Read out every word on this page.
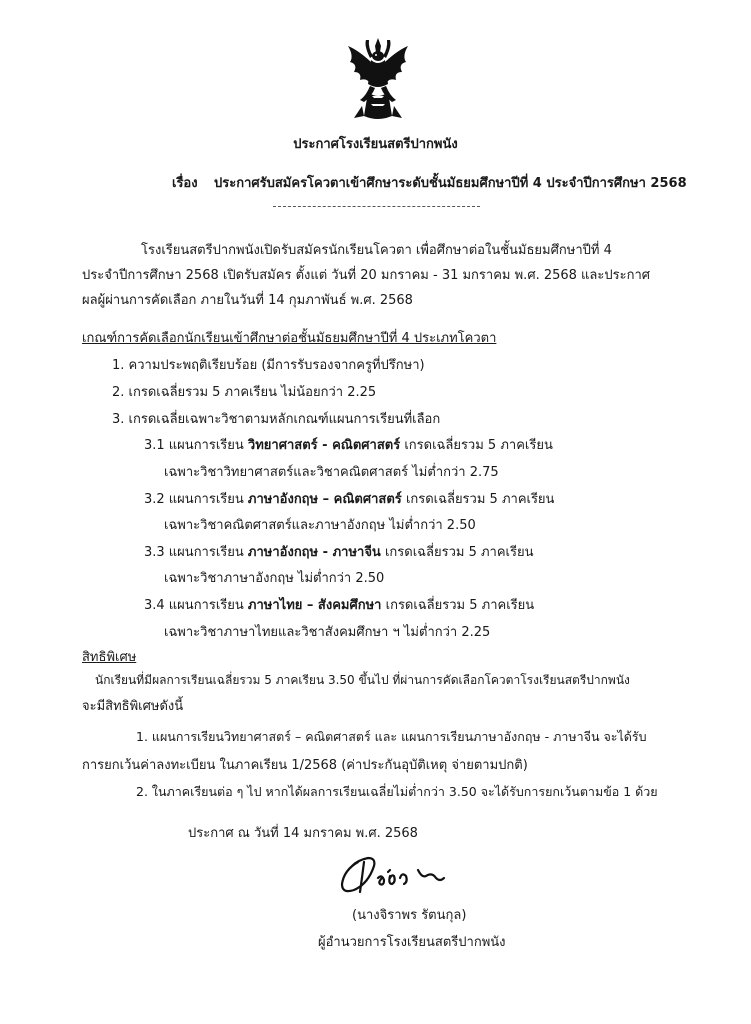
ประกาศโรงเรียนสตรีปากพนัง
เรื่อง ประกาศรับสมัครโควตาเข้าศึกษาระดับชั้นมัธยมศึกษาปีที่ 4 ประจำปีการศึกษา 2568
โรงเรียนสตรีปากพนังเปิดรับสมัครนักเรียนโควตา เพื่อศึกษาต่อในชั้นมัธยมศึกษาปีที่ 4
ประจำปีการศึกษา 2568 เปิดรับสมัคร ตั้งแต่ วันที่ 20 มกราคม - 31 มกราคม พ.ศ. 2568 และประกาศ
ผลผู้ผ่านการคัดเลือก ภายในวันที่ 14 กุมภาพันธ์ พ.ศ. 2568
เกณฑ์การคัดเลือกนักเรียนเข้าศึกษาต่อชั้นมัธยมศึกษาปีที่ 4 ประเภทโควตา
1. ความประพฤติเรียบร้อย (มีการรับรองจากครูที่ปรึกษา)
2. เกรดเฉลี่ยรวม 5 ภาคเรียน ไม่น้อยกว่า 2.25
3. เกรดเฉลี่ยเฉพาะวิชาตามหลักเกณฑ์แผนการเรียนที่เลือก
3.1 แผนการเรียน วิทยาศาสตร์ - คณิตศาสตร์ เกรดเฉลี่ยรวม 5 ภาคเรียน
เฉพาะวิชาวิทยาศาสตร์และวิชาคณิตศาสตร์ ไม่ต่ำกว่า 2.75
3.2 แผนการเรียน ภาษาอังกฤษ – คณิตศาสตร์ เกรดเฉลี่ยรวม 5 ภาคเรียน
เฉพาะวิชาคณิตศาสตร์และภาษาอังกฤษ ไม่ต่ำกว่า 2.50
3.3 แผนการเรียน ภาษาอังกฤษ - ภาษาจีน เกรดเฉลี่ยรวม 5 ภาคเรียน
เฉพาะวิชาภาษาอังกฤษ ไม่ต่ำกว่า 2.50
3.4 แผนการเรียน ภาษาไทย – สังคมศึกษา เกรดเฉลี่ยรวม 5 ภาคเรียน
เฉพาะวิชาภาษาไทยและวิชาสังคมศึกษา ฯ ไม่ต่ำกว่า 2.25
สิทธิพิเศษ
นักเรียนที่มีผลการเรียนเฉลี่ยรวม 5 ภาคเรียน 3.50 ขึ้นไป ที่ผ่านการคัดเลือกโควตาโรงเรียนสตรีปากพนัง
จะมีสิทธิพิเศษดังนี้
1. แผนการเรียนวิทยาศาสตร์ – คณิตศาสตร์ และ แผนการเรียนภาษาอังกฤษ - ภาษาจีน จะได้รับ
การยกเว้นค่าลงทะเบียน ในภาคเรียน 1/2568 (ค่าประกันอุบัติเหตุ จ่ายตามปกติ)
2. ในภาคเรียนต่อ ๆ ไป หากได้ผลการเรียนเฉลี่ยไม่ต่ำกว่า 3.50 จะได้รับการยกเว้นตามข้อ 1 ด้วย
ประกาศ ณ วันที่ 14 มกราคม พ.ศ. 2568
(นางจิราพร รัตนกุล)
ผู้อำนวยการโรงเรียนสตรีปากพนัง
